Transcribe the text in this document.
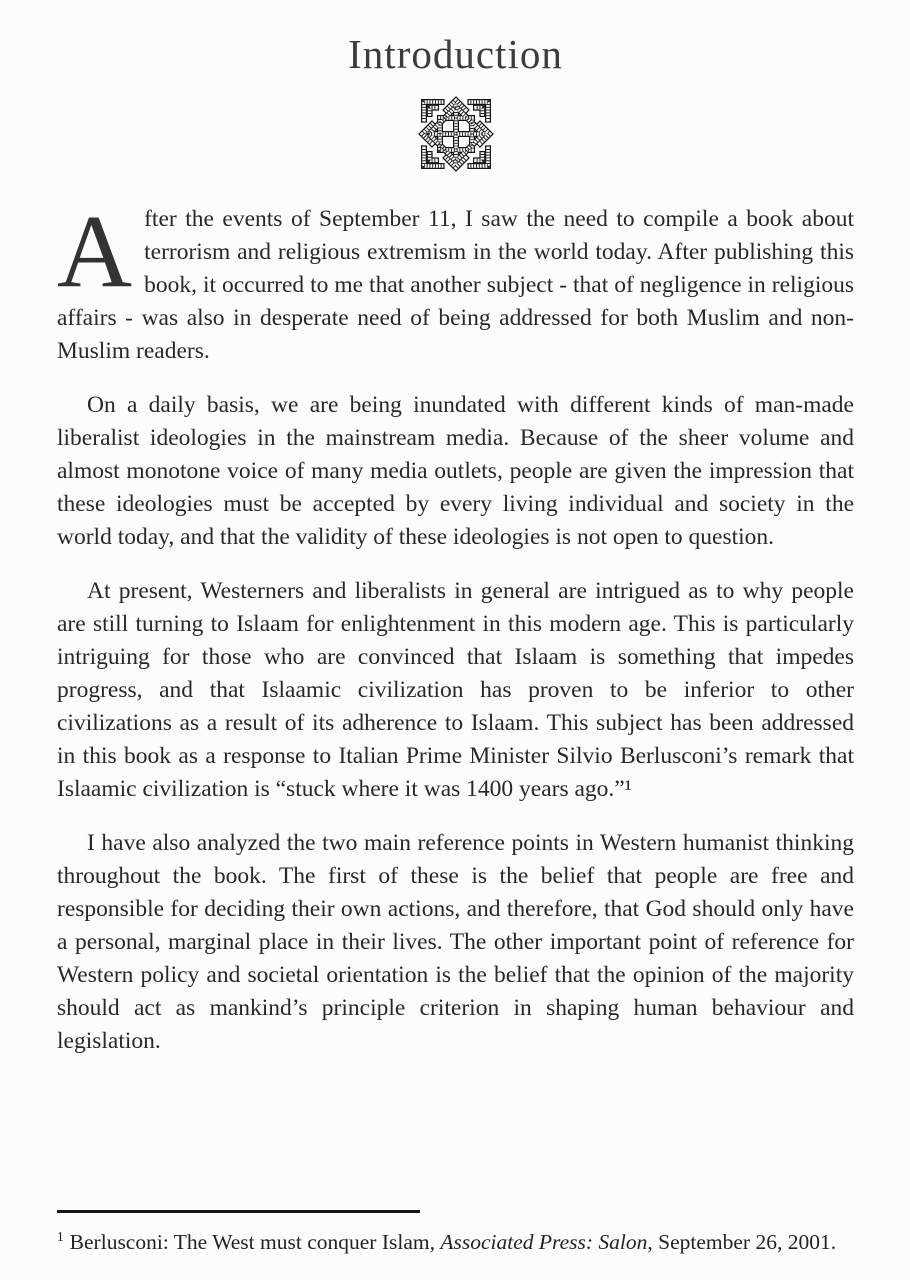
Introduction

After the events of September 11, I saw the need to compile a book about terrorism and religious extremism in the world today. After publishing this book, it occurred to me that another subject - that of negligence in religious affairs - was also in desperate need of being addressed for both Muslim and non-Muslim readers.

On a daily basis, we are being inundated with different kinds of man-made liberalist ideologies in the mainstream media. Because of the sheer volume and almost monotone voice of many media outlets, people are given the impression that these ideologies must be accepted by every living individual and society in the world today, and that the validity of these ideologies is not open to question.

At present, Westerners and liberalists in general are intrigued as to why people are still turning to Islaam for enlightenment in this modern age. This is particularly intriguing for those who are convinced that Islaam is something that impedes progress, and that Islaamic civilization has proven to be inferior to other civilizations as a result of its adherence to Islaam. This subject has been addressed in this book as a response to Italian Prime Minister Silvio Berlusconi’s remark that Islaamic civilization is “stuck where it was 1400 years ago.”¹

I have also analyzed the two main reference points in Western humanist thinking throughout the book. The first of these is the belief that people are free and responsible for deciding their own actions, and therefore, that God should only have a personal, marginal place in their lives. The other important point of reference for Western policy and societal orientation is the belief that the opinion of the majority should act as mankind’s principle criterion in shaping human behaviour and legislation.

$^1$ Berlusconi: The West must conquer Islam, Associated Press: Salon, September 26, 2001.
